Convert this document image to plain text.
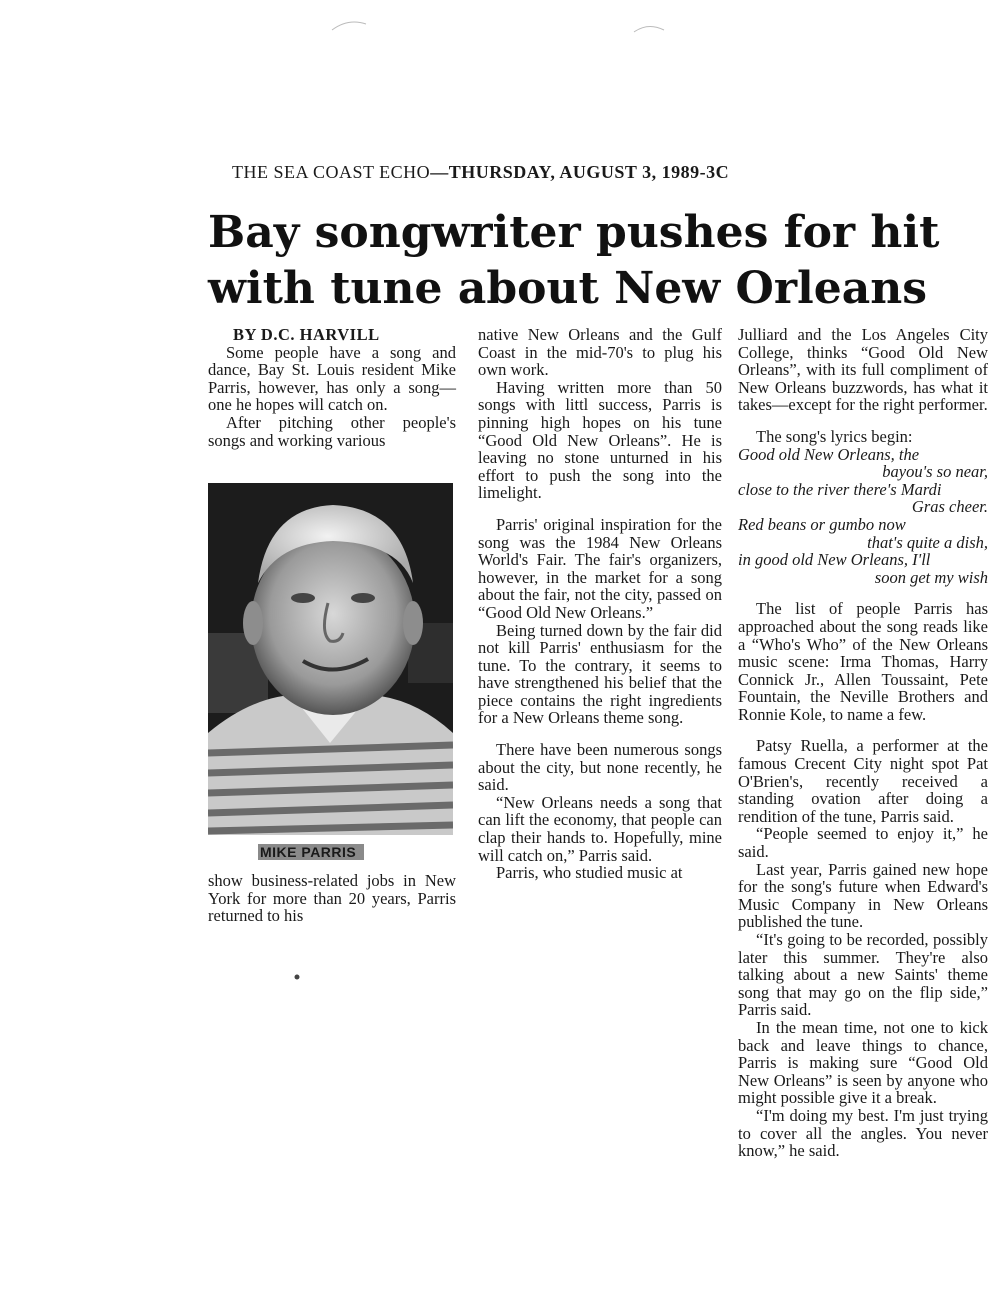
THE SEA COAST ECHO—THURSDAY, AUGUST 3, 1989-3C
Bay songwriter pushes for hit
with tune about New Orleans

BY D.C. HARVILL

Some people have a song and dance, Bay St. Louis resident Mike Parris, however, has only a song—one he hopes will catch on.

After pitching other people's songs and working various

MIKE PARRIS

show business-related jobs in New York for more than 20 years, Parris returned to his

native New Orleans and the Gulf Coast in the mid-70's to plug his own work.

Having written more than 50 songs with littl success, Parris is pinning high hopes on his tune “Good Old New Orleans”. He is leaving no stone unturned in his effort to push the song into the limelight.

Parris' original inspiration for the song was the 1984 New Orleans World's Fair. The fair's organizers, however, in the market for a song about the fair, not the city, passed on “Good Old New Orleans.”

Being turned down by the fair did not kill Parris' enthusiasm for the tune. To the contrary, it seems to have strengthened his belief that the piece contains the right ingredients for a New Orleans theme song.

There have been numerous songs about the city, but none recently, he said.

“New Orleans needs a song that can lift the economy, that people can clap their hands to. Hopefully, mine will catch on,” Parris said.

Parris, who studied music at

Julliard and the Los Angeles City College, thinks “Good Old New Orleans”, with its full compliment of New Orleans buzzwords, has what it takes—except for the right performer.

The song's lyrics begin:

Good old New Orleans, the

bayou's so near,

close to the river there's Mardi

Gras cheer.

Red beans or gumbo now

that's quite a dish,

in good old New Orleans, I'll

soon get my wish

The list of people Parris has approached about the song reads like a “Who's Who” of the New Orleans music scene: Irma Thomas, Harry Connick Jr., Allen Toussaint, Pete Fountain, the Neville Brothers and Ronnie Kole, to name a few.

Patsy Ruella, a performer at the famous Crecent City night spot Pat O'Brien's, recently received a standing ovation after doing a rendition of the tune, Parris said.

“People seemed to enjoy it,” he said.

Last year, Parris gained new hope for the song's future when Edward's Music Company in New Orleans published the tune.

“It's going to be recorded, possibly later this summer. They're also talking about a new Saints' theme song that may go on the flip side,” Parris said.

In the mean time, not one to kick back and leave things to chance, Parris is making sure “Good Old New Orleans” is seen by anyone who might possible give it a break.

“I'm doing my best. I'm just trying to cover all the angles. You never know,” he said.
